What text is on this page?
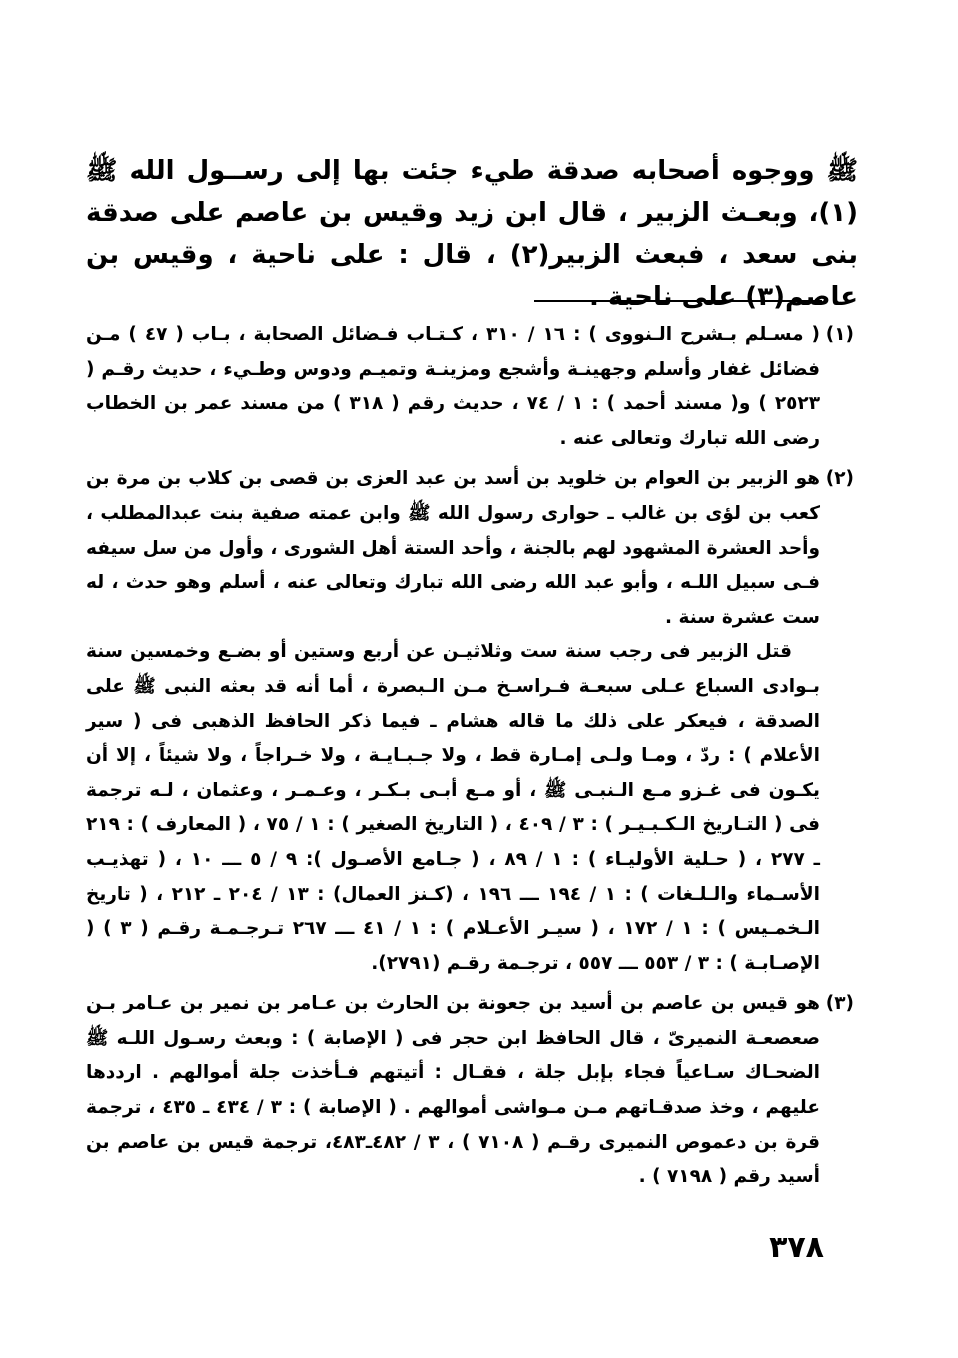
ﷺ ووجوه أصحابه صدقة طيء جئت بها إلى رســول الله ﷺ (١)، وبعـث الزبير ، قال ابن زيد وقيس بن عاصم على صدقة بنى سعد ، فبعث الزبير(٢) ، قال : على ناحية ، وقيس بن عاصم(٣) على ناحية .

(١)

( مسـلم بـشرح الـنووى ) : ١٦ / ٣١٠ ، كـتـاب فـضائل الصحابة ، بـاب ( ٤٧ ) مـن فضائل غفار وأسلم وجهينـة وأشجع ومزينـة وتميـم ودوس وطـيء ، حديث رقـم ( ٢٥٢٣ ) و( مسند أحمد ) : ١ / ٧٤ ، حديث رقم ( ٣١٨ ) من مسند عمر بن الخطاب رضى الله تبارك وتعالى عنه .

(٢)

هو الزبير بن العوام بن خلويد بن أسد بن عبد العزى بن قصى بن كلاب بن مرة بن كعب بن لؤى بن غالب ـ حوارى رسول الله ﷺ وابن عمته صفية بنت عبدالمطلب ، وأحد العشرة المشهود لهم بالجنة ، وأحد الستة أهل الشورى ، وأول من سل سيفه فـى سبيل اللـه ، وأبو عبد الله رضى الله تبارك وتعالى عنه ، أسلم وهو حدث ، له ست عشرة سنة .

قتل الزبير فى رجب سنة ست وثلاثيـن عن أربع وستين أو بضـع وخمسين سنة بـوادى السباع عـلى سبعـة فـراسـخ مـن الـبصرة ، أما أنه قد بعثه النبى ﷺ على الصدقة ، فيعكر على ذلك ما قاله هشام ـ فيما ذكر الحافظ الذهبى فى ( سير الأعلام ) : ردّ ، ومـا ولـى إمـارة قط ، ولا جـبـايـة ، ولا خـراجاً ، ولا شيئاً ، إلا أن يكـون فى غـزو مـع الـنبـى ﷺ ، أو مـع أبـى بـكـر ، وعـمـر ، وعثمان ، لـه ترجمة فى ( التـاريخ الـكـبـيـر ) : ٣ / ٤٠٩ ، ( التاريخ الصغير ) : ١ / ٧٥ ، ( المعارف ) : ٢١٩ ـ ٢٧٧ ، ( حـلية الأوليـاء ) : ١ / ٨٩ ، ( جـامع الأصـول ): ٩ / ٥ ـــ ١٠ ، ( تهذيـب الأسـماء والـلـغات ) : ١ / ١٩٤ ـــ ١٩٦ ، (كـنز العمال) : ١٣ / ٢٠٤ ـ ٢١٢ ، ( تاريخ الـخمـيس ) : ١ / ١٧٢ ، ( سيـر الأعـلام ) : ١ / ٤١ ـــ ٢٦٧ تـرجـمـة رقـم ( ٣ ) ( الإصـابـة ) : ٣ / ٥٥٣ ـــ ٥٥٧ ، ترجـمة رقـم (٢٧٩١).

(٣)

هو قيس بن عاصم بن أسيد بن جعونة بن الحارث بن عـامر بن نمير بن عـامر بـن صعصعـة النميرىّ ، قال الحافظ ابن حجر فى ( الإصابة ) : وبعث رسـول اللـه ﷺ الضحـاك سـاعياً فجاء بإبل جلة ، فقـال : أتيتهم فـأخذت جلة أموالهم . ارددها عليهم ، وخذ صدقـاتهم مـن مـواشى أموالهم . ( الإصابة ) : ٣ / ٤٣٤ ـ ٤٣٥ ، ترجمة قرة بن دعموص النميرى رقـم ( ٧١٠٨ ) ، ٣ / ٤٨٢ـ٤٨٣، ترجمة قيس بن عاصم بن أسيد رقم ( ٧١٩٨ ) .

٣٧٨
